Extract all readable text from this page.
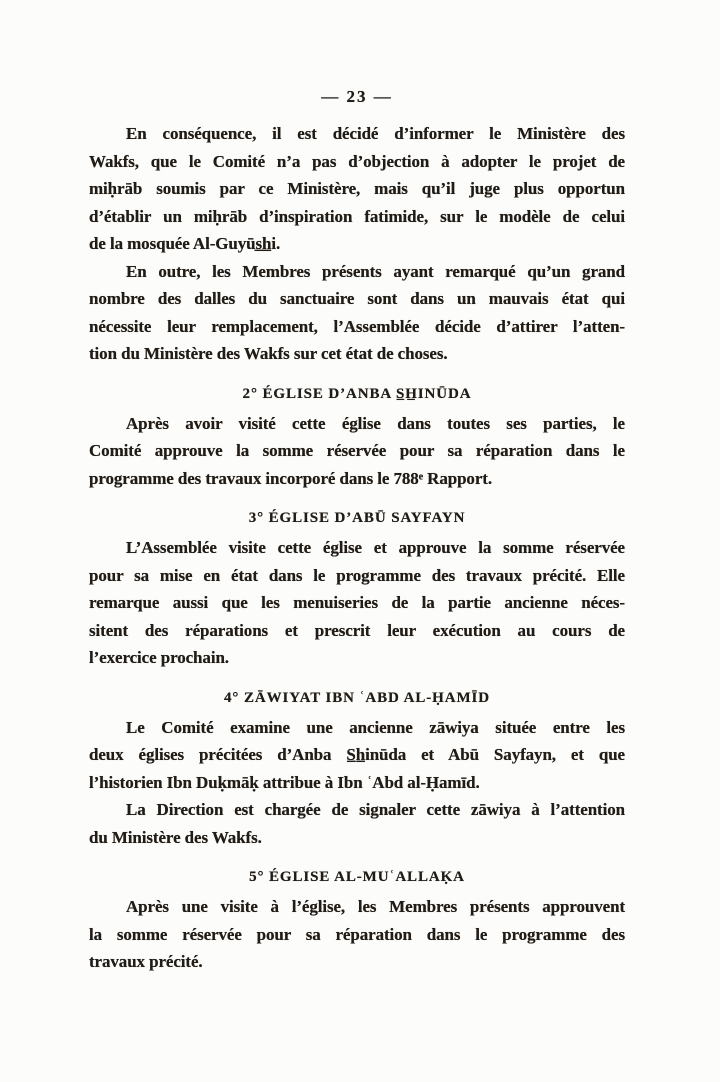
— 23 —
En conséquence, il est décidé d’informer le Ministère des
Wakfs, que le Comité n’a pas d’objection à adopter le projet de
miḥrāb soumis par ce Ministère, mais qu’il juge plus opportun
d’établir un miḥrāb d’inspiration fatimide, sur le modèle de celui
de la mosquée Al-Guyūs̲h̲i.
En outre, les Membres présents ayant remarqué qu’un grand
nombre des dalles du sanctuaire sont dans un mauvais état qui
nécessite leur remplacement, l’Assemblée décide d’attirer l’atten-
tion du Ministère des Wakfs sur cet état de choses.
2° ÉGLISE D’ANBA S̲H̲INŪDA
Après avoir visité cette église dans toutes ses parties, le
Comité approuve la somme réservée pour sa réparation dans le
programme des travaux incorporé dans le 788ᵉ Rapport.
3° ÉGLISE D’ABŪ SAYFAYN
L’Assemblée visite cette église et approuve la somme réservée
pour sa mise en état dans le programme des travaux précité. Elle
remarque aussi que les menuiseries de la partie ancienne néces-
sitent des réparations et prescrit leur exécution au cours de
l’exercice prochain.
4° ZĀWIYAT IBN ʿABD AL-ḤAMĪD
Le Comité examine une ancienne zāwiya située entre les
deux églises précitées d’Anba S̲h̲inūda et Abū Sayfayn, et que
l’historien Ibn Duḳmāḳ attribue à Ibn ʿAbd al-Ḥamīd.
La Direction est chargée de signaler cette zāwiya à l’attention
du Ministère des Wakfs.
5° ÉGLISE AL-MUʿALLAḲA
Après une visite à l’église, les Membres présents approuvent
la somme réservée pour sa réparation dans le programme des
travaux précité.
